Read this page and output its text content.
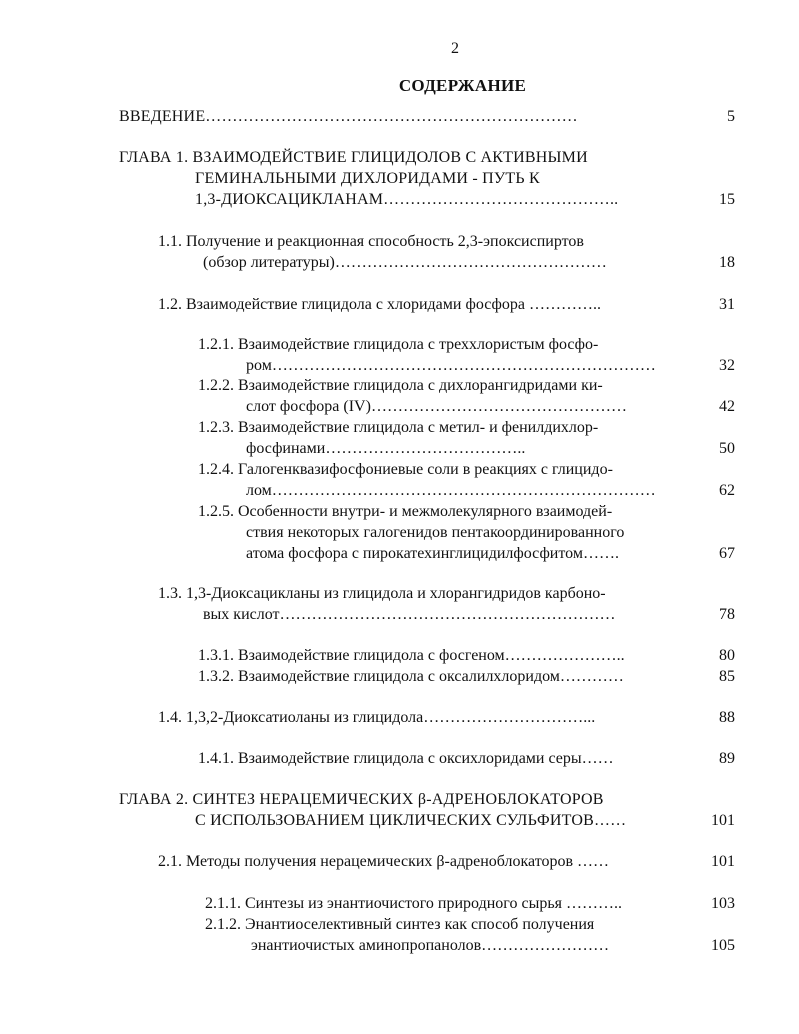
2
СОДЕРЖАНИЕ
ВВЕДЕНИЕ……………………………………………………………	5
ГЛАВА 1. ВЗАИМОДЕЙСТВИЕ ГЛИЦИДОЛОВ С АКТИВНЫМИ
ГЕМИНАЛЬНЫМИ ДИХЛОРИДАМИ - ПУТЬ К
1,3-ДИОКСАЦИКЛАНАМ……………………………………..	15
1.1. Получение и реакционная способность 2,3-эпоксиспиртов
(обзор литературы)……………………………………………	18
1.2. Взаимодействие глицидола с хлоридами фосфора …………..	31
1.2.1. Взаимодействие глицидола с треххлористым фосфо-
ром………………………………………………………………	32
1.2.2. Взаимодействие глицидола с дихлорангидридами ки-
слот фосфора (IV)…………………………………………	42
1.2.3. Взаимодействие глицидола с метил- и фенилдихлор-
фосфинами………………………………..	50
1.2.4. Галогенквазифосфониевые соли в реакциях с глицидо-
лом………………………………………………………………	62
1.2.5. Особенности внутри- и межмолекулярного взаимодей-
ствия некоторых галогенидов пентакоординированного
атома фосфора с пирокатехинглицидилфосфитом…….	67
1.3. 1,3-Диоксацикланы из глицидола и хлорангидридов карбоно-
вых кислот………………………………………………………	78
1.3.1. Взаимодействие глицидола с фосгеном…………………..	80
1.3.2. Взаимодействие глицидола с оксалилхлоридом…………	85
1.4. 1,3,2-Диоксатиоланы из глицидола…………………………...	88
1.4.1. Взаимодействие глицидола с оксихлоридами серы……	89
ГЛАВА 2. СИНТЕЗ НЕРАЦЕМИЧЕСКИХ β-АДРЕНОБЛОКАТОРОВ
С ИСПОЛЬЗОВАНИЕМ ЦИКЛИЧЕСКИХ СУЛЬФИТОВ……	101
2.1. Методы получения нерацемических β-адреноблокаторов ……	101
2.1.1. Синтезы из энантиочистого природного сырья ………..	103
2.1.2. Энантиоселективный синтез как способ получения
энантиочистых аминопропанолов……………………	105
